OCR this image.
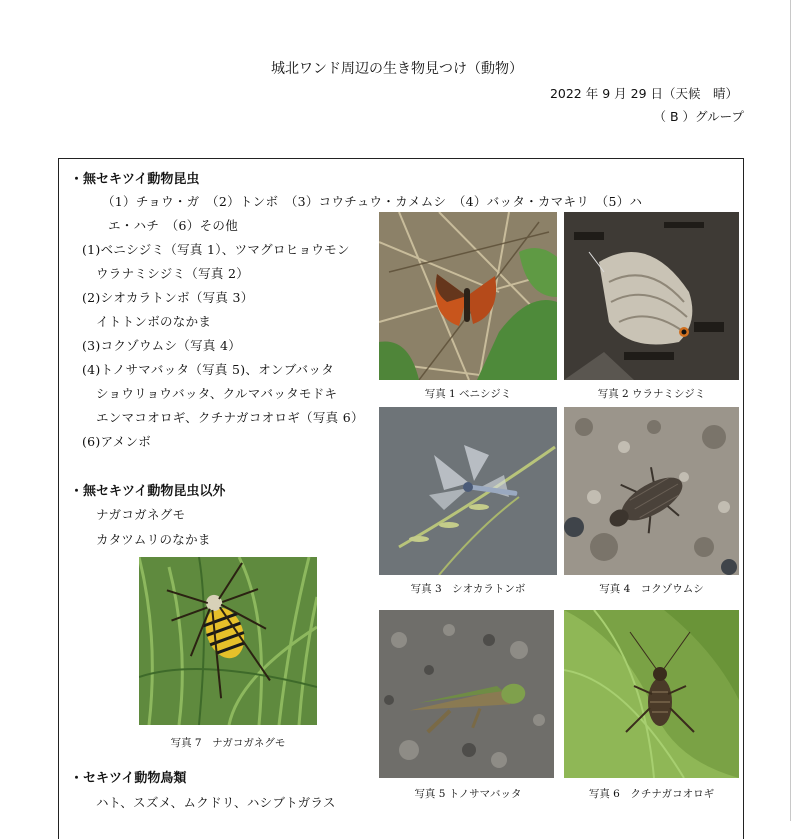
城北ワンド周辺の生き物見つけ（動物）
2022 年 9 月 29 日（天候　晴）
（ B ）グループ
・無セキツイ動物昆虫
（1）チョウ・ガ　（2）トンボ　（3）コウチュウ・カメムシ　（4）バッタ・カマキリ　（5）ハ
エ・ハチ　（6）その他
(1)ベニシジミ（写真 1）、ツマグロヒョウモン
ウラナミシジミ（写真 2）
(2)シオカラトンボ（写真 3）
イトトンボのなかま
(3)コクゾウムシ（写真 4）
(4)トノサマバッタ（写真 5)、オンブバッタ
ショウリョウバッタ、クルマバッタモドキ
エンマコオロギ、クチナガコオロギ（写真 6）
(6)アメンボ
・無セキツイ動物昆虫以外
ナガコガネグモ
カタツムリのなかま
・セキツイ動物鳥類
ハト、スズメ、ムクドリ、ハシブトガラス
写真 1 ベニシジミ	写真 2 ウラナミシジミ
写真 3　シオカラトンボ	写真 4　コクゾウムシ
写真 5 トノサマバッタ	写真 6　クチナガコオロギ
写真 7　ナガコガネグモ
